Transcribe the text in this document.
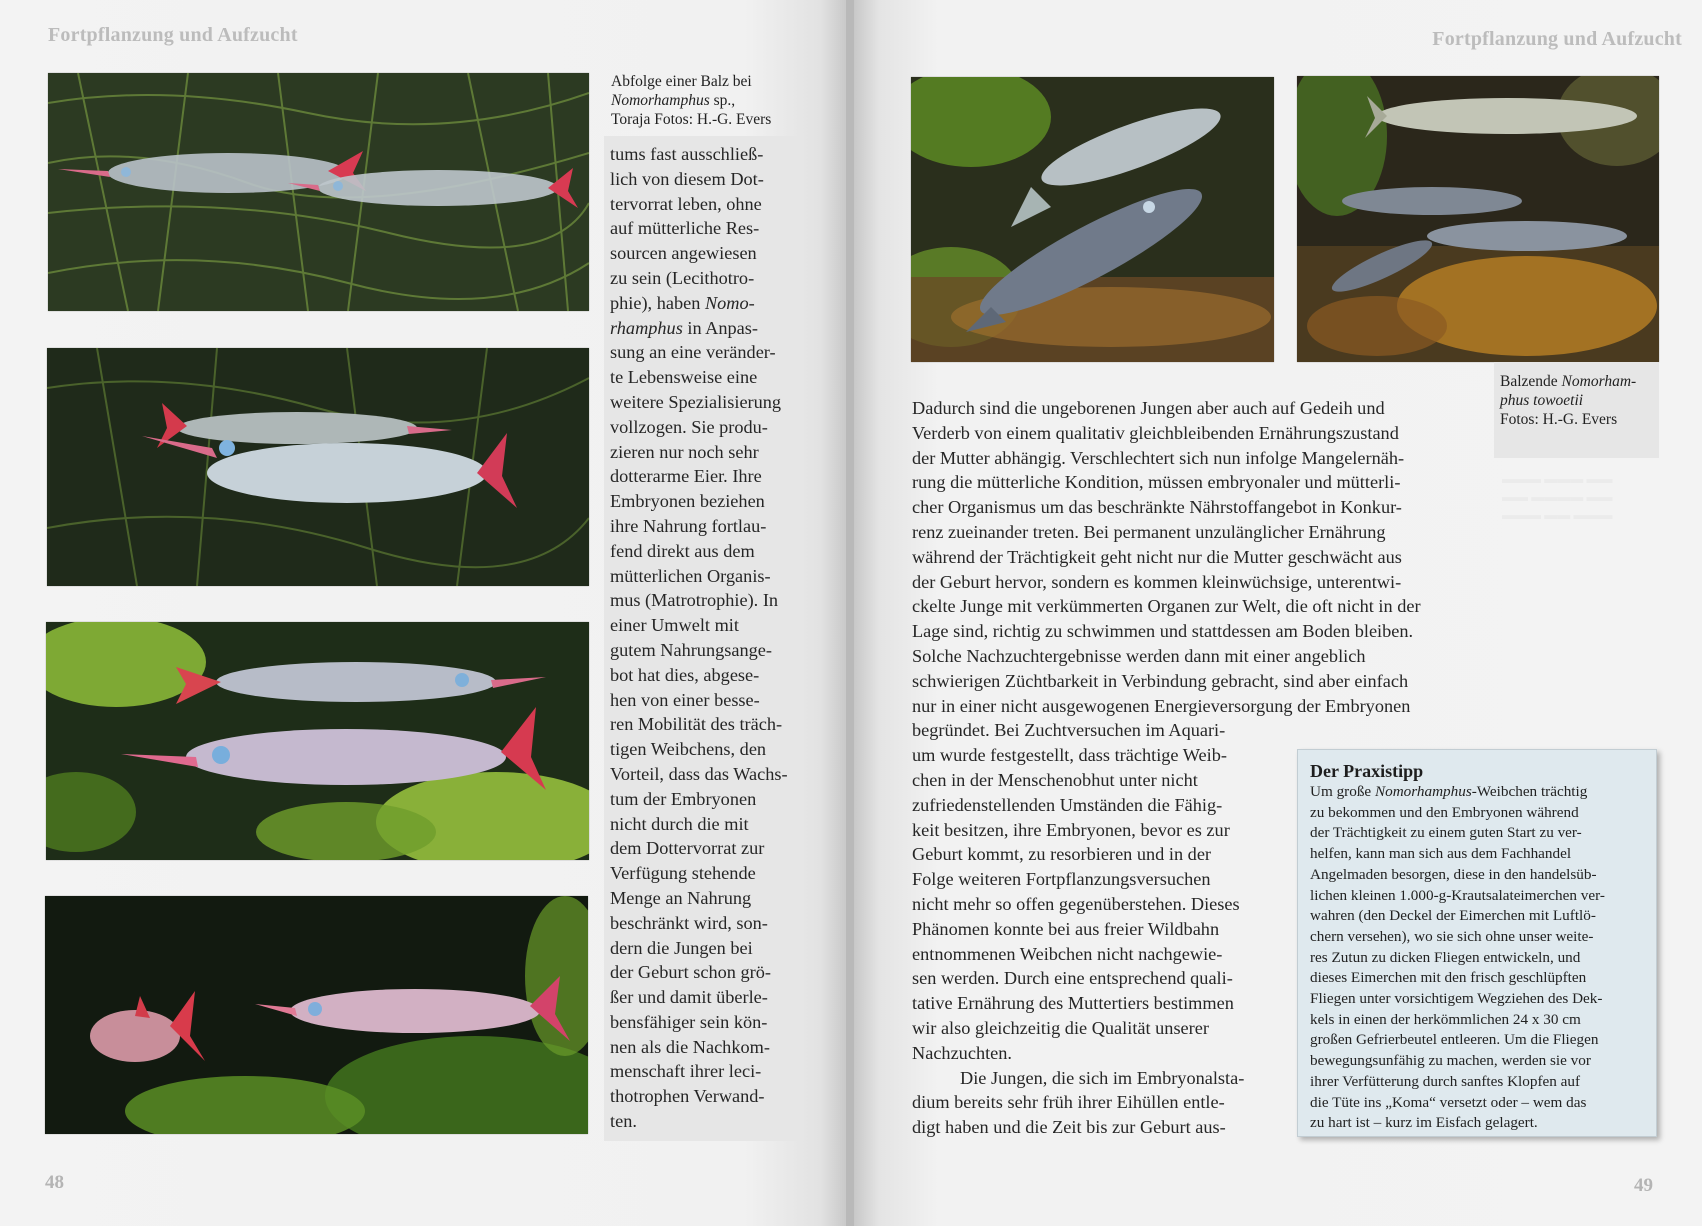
Fortpflanzung und Aufzucht
Abfolge einer Balz bei
Nomorhamphus sp.,
Toraja Fotos: H.-G. Evers
tums fast ausschließ-
lich von diesem Dot-
tervorrat leben, ohne
auf mütterliche Res-
sourcen angewiesen
zu sein (Lecithotro-
phie), haben Nomo-
rhamphus in Anpas-
sung an eine veränder-
te Lebensweise eine
weitere Spezialisierung
vollzogen. Sie produ-
zieren nur noch sehr
dotterarme Eier. Ihre
Embryonen beziehen
ihre Nahrung fortlau-
fend direkt aus dem
mütterlichen Organis-
mus (Matrotrophie). In
einer Umwelt mit
gutem Nahrungsange-
bot hat dies, abgese-
hen von einer besse-
ren Mobilität des träch-
tigen Weibchens, den
Vorteil, dass das Wachs-
tum der Embryonen
nicht durch die mit
dem Dottervorrat zur
Verfügung stehende
Menge an Nahrung
beschränkt wird, son-
dern die Jungen bei
der Geburt schon grö-
ßer und damit überle-
bensfähiger sein kön-
nen als die Nachkom-
menschaft ihrer leci-
thotrophen Verwand-
ten.
48
Fortpflanzung und Aufzucht
Balzende Nomorham-
phus towoetii
Fotos: H.-G. Evers
▬▬▬ ▬▬▬ ▬▬
▬▬ ▬▬▬▬ ▬▬
▬▬▬ ▬▬ ▬▬▬
Dadurch sind die ungeborenen Jungen aber auch auf Gedeih und
Verderb von einem qualitativ gleichbleibenden Ernährungszustand
der Mutter abhängig. Verschlechtert sich nun infolge Mangelernäh-
rung die mütterliche Kondition, müssen embryonaler und mütterli-
cher Organismus um das beschränkte Nährstoffangebot in Konkur-
renz zueinander treten. Bei permanent unzulänglicher Ernährung
während der Trächtigkeit geht nicht nur die Mutter geschwächt aus
der Geburt hervor, sondern es kommen kleinwüchsige, unterentwi-
ckelte Junge mit verkümmerten Organen zur Welt, die oft nicht in der
Lage sind, richtig zu schwimmen und stattdessen am Boden bleiben.
Solche Nachzuchtergebnisse werden dann mit einer angeblich
schwierigen Züchtbarkeit in Verbindung gebracht, sind aber einfach
nur in einer nicht ausgewogenen Energieversorgung der Embryonen
begründet. Bei Zuchtversuchen im Aquari-
um wurde festgestellt, dass trächtige Weib-
chen in der Menschenobhut unter nicht
zufriedenstellenden Umständen die Fähig-
keit besitzen, ihre Embryonen, bevor es zur
Geburt kommt, zu resorbieren und in der
Folge weiteren Fortpflanzungsversuchen
nicht mehr so offen gegenüberstehen. Dieses
Phänomen konnte bei aus freier Wildbahn
entnommenen Weibchen nicht nachgewie-
sen werden. Durch eine entsprechend quali-
tative Ernährung des Muttertiers bestimmen
wir also gleichzeitig die Qualität unserer
Nachzuchten.
Die Jungen, die sich im Embryonalsta-
dium bereits sehr früh ihrer Eihüllen entle-
digt haben und die Zeit bis zur Geburt aus-
Der Praxistipp
Um große Nomorhamphus-Weibchen trächtig
zu bekommen und den Embryonen während
der Trächtigkeit zu einem guten Start zu ver-
helfen, kann man sich aus dem Fachhandel
Angelmaden besorgen, diese in den handelsüb-
lichen kleinen 1.000-g-Krautsalateimerchen ver-
wahren (den Deckel der Eimerchen mit Luftlö-
chern versehen), wo sie sich ohne unser weite-
res Zutun zu dicken Fliegen entwickeln, und
dieses Eimerchen mit den frisch geschlüpften
Fliegen unter vorsichtigem Wegziehen des Dek-
kels in einen der herkömmlichen 24 x 30 cm
großen Gefrierbeutel entleeren. Um die Fliegen
bewegungsunfähig zu machen, werden sie vor
ihrer Verfütterung durch sanftes Klopfen auf
die Tüte ins „Koma“ versetzt oder – wem das
zu hart ist – kurz im Eisfach gelagert.
49
